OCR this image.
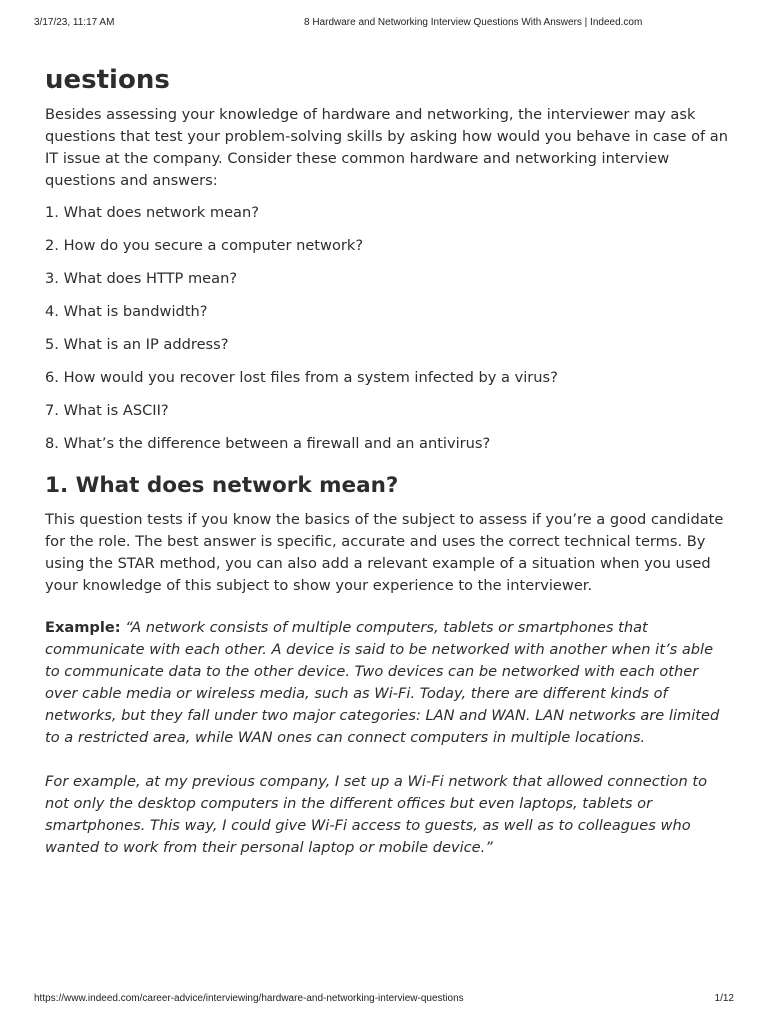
3/17/23, 11:17 AM	8 Hardware and Networking Interview Questions With Answers | Indeed.com
uestions

Besides assessing your knowledge of hardware and networking, the interviewer may ask questions that test your problem-solving skills by asking how would you behave in case of an IT issue at the company. Consider these common hardware and networking interview questions and answers:

1. What does network mean?
2. How do you secure a computer network?
3. What does HTTP mean?
4. What is bandwidth?
5. What is an IP address?
6. How would you recover lost files from a system infected by a virus?
7. What is ASCII?
8. What’s the difference between a firewall and an antivirus?
1. What does network mean?

This question tests if you know the basics of the subject to assess if you’re a good candidate for the role. The best answer is specific, accurate and uses the correct technical terms. By using the STAR method, you can also add a relevant example of a situation when you used your knowledge of this subject to show your experience to the interviewer.

Example: “A network consists of multiple computers, tablets or smartphones that communicate with each other. A device is said to be networked with another when it’s able to communicate data to the other device. Two devices can be networked with each other over cable media or wireless media, such as Wi-Fi. Today, there are different kinds of networks, but they fall under two major categories: LAN and WAN. LAN networks are limited to a restricted area, while WAN ones can connect computers in multiple locations.

For example, at my previous company, I set up a Wi-Fi network that allowed connection to not only the desktop computers in the different offices but even laptops, tablets or smartphones. This way, I could give Wi-Fi access to guests, as well as to colleagues who wanted to work from their personal laptop or mobile device.”

https://www.indeed.com/career-advice/interviewing/hardware-and-networking-interview-questions	1/12
